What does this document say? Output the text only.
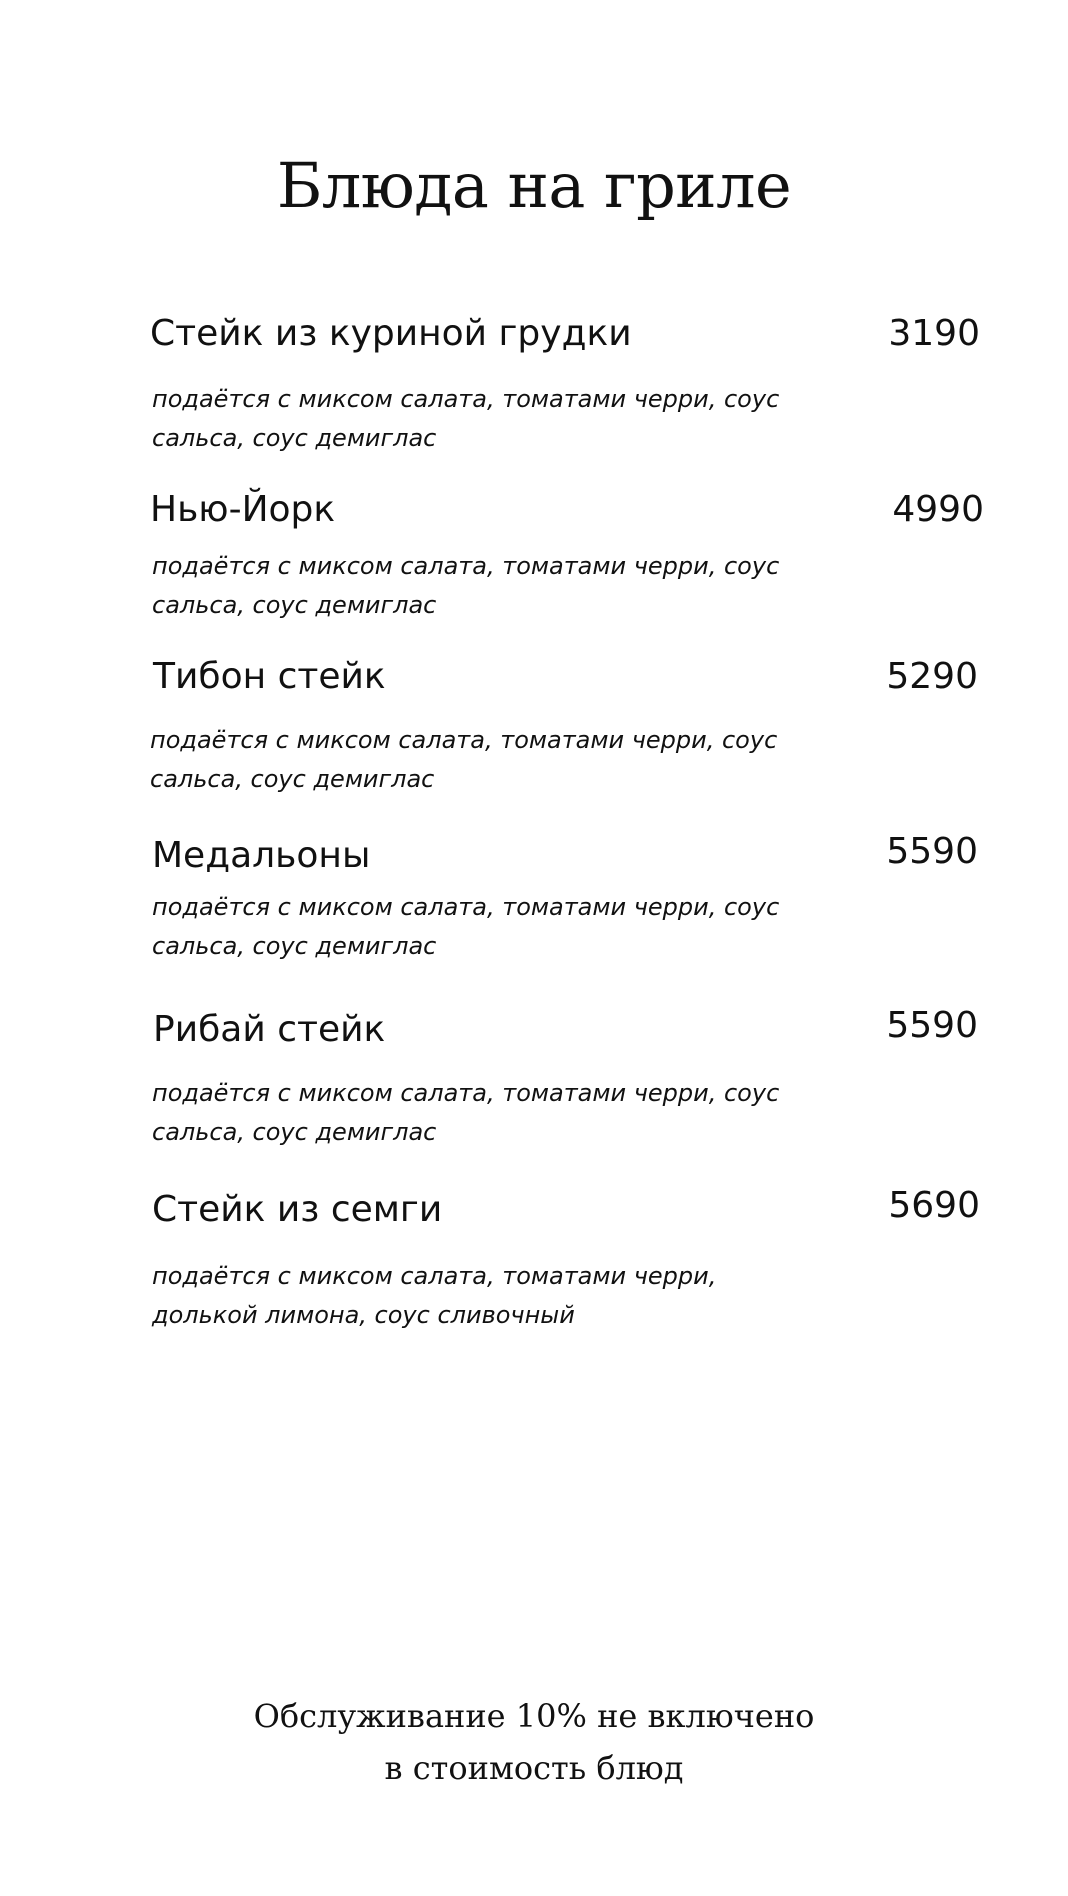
Блюда на гриле
Стейк из куриной грудки	3190
подаётся с миксом салата, томатами черри, соус сальса, соус демиглас
Нью-Йорк	4990
подаётся с миксом салата, томатами черри, соус сальса, соус демиглас
Тибон стейк	5290
подаётся с миксом салата, томатами черри, соус сальса, соус демиглас
Медальоны	5590
подаётся с миксом салата, томатами черри, соус сальса, соус демиглас
Рибай стейк	5590
подаётся с миксом салата, томатами черри, соус сальса, соус демиглас
Стейк из семги	5690
подаётся с миксом салата, томатами черри, долькой лимона, соус сливочный
Обслуживание 10% не включено
в стоимость блюд
